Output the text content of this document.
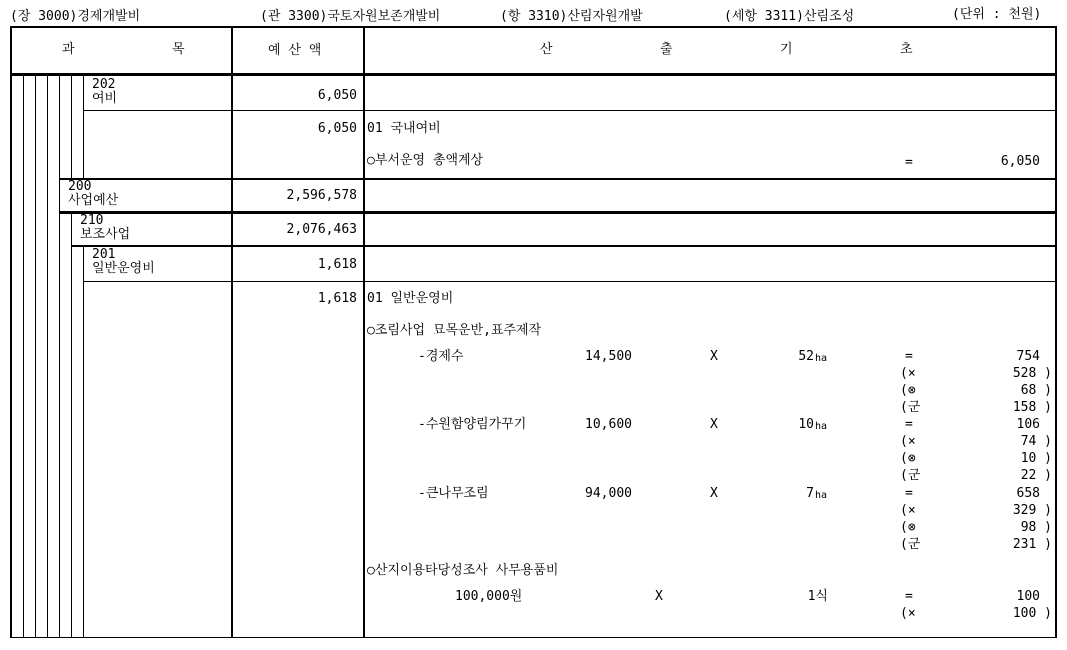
(장 3000)경제개발비	(관 3300)국토자원보존개발비	(항 3310)산림자원개발	(세항 3311)산림조성	(단위 : 천원)
과	목	예 산 액	산	출	기	초
202
여비	6,050
6,050 01 국내여비
○부서운영 총액계상	=	6,050
200
사업예산	2,596,578
210
보조사업	2,076,463
201
일반운영비	1,618
1,618 01 일반운영비
○조림사업 묘목운반,표주제작
-경제수	14,500	X	52 ha	=	754
(×	528 )
(⊗	68 )
(군	158 )
-수원함양림가꾸기	10,600	X	10 ha	=	106
(×	74 )
(⊗	10 )
(군	22 )
-큰나무조림	94,000	X	7 ha	=	658
(×	329 )
(⊗	98 )
(군	231 )
○산지이용타당성조사 사무용품비
100,000원	X	1식	=	100
(×	100 )
